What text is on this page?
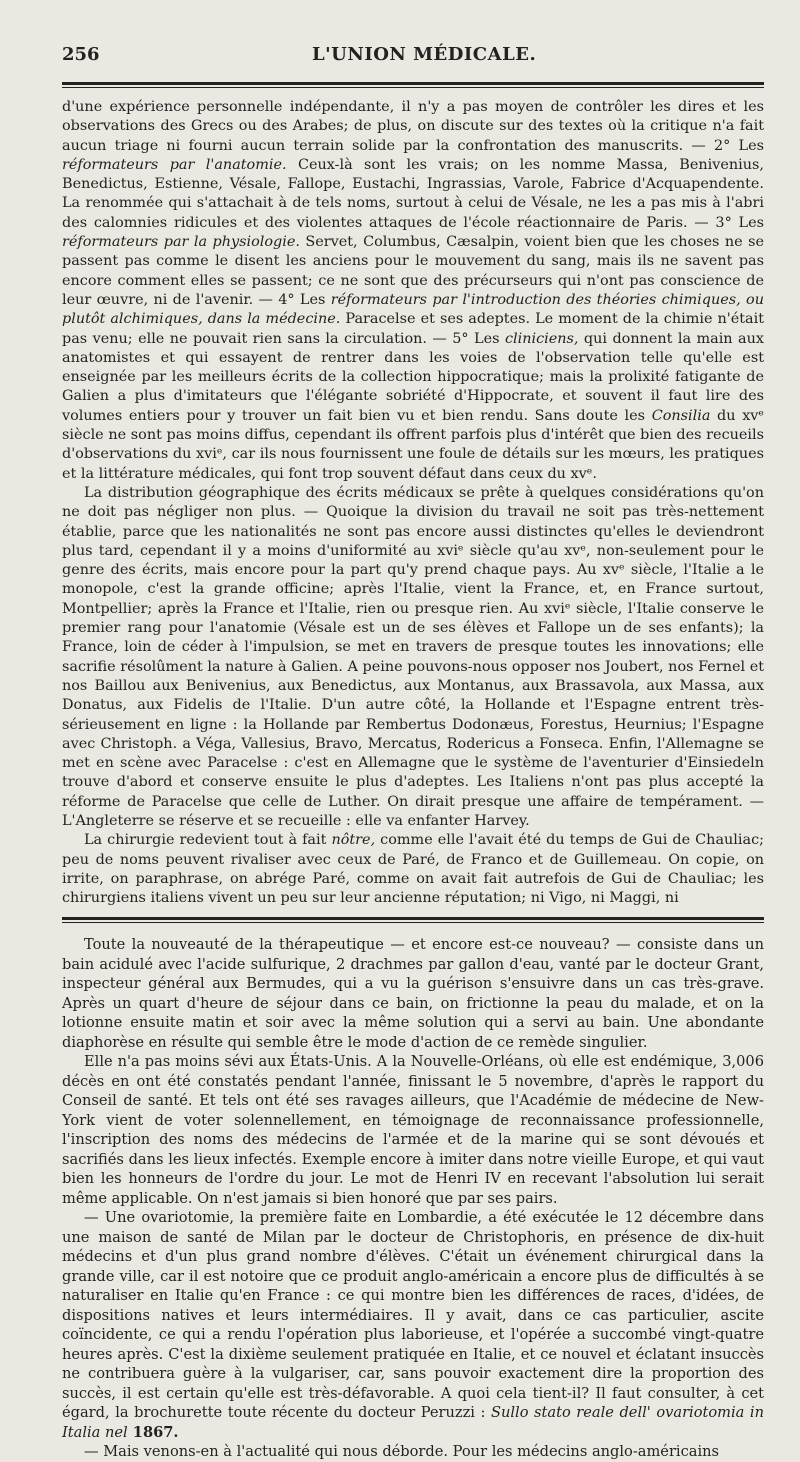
256	L'UNION MÉDICALE.

d'une expérience personnelle indépendante, il n'y a pas moyen de contrôler les dires et les observations des Grecs ou des Arabes; de plus, on discute sur des textes où la critique n'a fait aucun triage ni fourni aucun terrain solide par la confrontation des manuscrits. — 2° Les réformateurs par l'anatomie. Ceux-là sont les vrais; on les nomme Massa, Benivenius, Benedictus, Estienne, Vésale, Fallope, Eustachi, Ingrassias, Varole, Fabrice d'Acquapendente. La renommée qui s'attachait à de tels noms, surtout à celui de Vésale, ne les a pas mis à l'abri des calomnies ridicules et des violentes attaques de l'école réactionnaire de Paris. — 3° Les réformateurs par la physiologie. Servet, Columbus, Cæsalpin, voient bien que les choses ne se passent pas comme le disent les anciens pour le mouvement du sang, mais ils ne savent pas encore comment elles se passent; ce ne sont que des précurseurs qui n'ont pas conscience de leur œuvre, ni de l'avenir. — 4° Les réformateurs par l'introduction des théories chimiques, ou plutôt alchimiques, dans la médecine. Paracelse et ses adeptes. Le moment de la chimie n'était pas venu; elle ne pouvait rien sans la circulation. — 5° Les cliniciens, qui donnent la main aux anatomistes et qui essayent de rentrer dans les voies de l'observation telle qu'elle est enseignée par les meilleurs écrits de la collection hippocratique; mais la prolixité fatigante de Galien a plus d'imitateurs que l'élégante sobriété d'Hippocrate, et souvent il faut lire des volumes entiers pour y trouver un fait bien vu et bien rendu. Sans doute les Consilia du xvᵉ siècle ne sont pas moins diffus, cependant ils offrent parfois plus d'intérêt que bien des recueils d'observations du xviᵉ, car ils nous fournissent une foule de détails sur les mœurs, les pratiques et la littérature médicales, qui font trop souvent défaut dans ceux du xvᵉ.

La distribution géographique des écrits médicaux se prête à quelques considérations qu'on ne doit pas négliger non plus. — Quoique la division du travail ne soit pas très-nettement établie, parce que les nationalités ne sont pas encore aussi distinctes qu'elles le deviendront plus tard, cependant il y a moins d'uniformité au xviᵉ siècle qu'au xvᵉ, non-seulement pour le genre des écrits, mais encore pour la part qu'y prend chaque pays. Au xvᵉ siècle, l'Italie a le monopole, c'est la grande officine; après l'Italie, vient la France, et, en France surtout, Montpellier; après la France et l'Italie, rien ou presque rien. Au xviᵉ siècle, l'Italie conserve le premier rang pour l'anatomie (Vésale est un de ses élèves et Fallope un de ses enfants); la France, loin de céder à l'impulsion, se met en travers de presque toutes les innovations; elle sacrifie résolûment la nature à Galien. A peine pouvons-nous opposer nos Joubert, nos Fernel et nos Baillou aux Benivenius, aux Benedictus, aux Montanus, aux Brassavola, aux Massa, aux Donatus, aux Fidelis de l'Italie. D'un autre côté, la Hollande et l'Espagne entrent très-sérieusement en ligne : la Hollande par Rembertus Dodonæus, Forestus, Heurnius; l'Espagne avec Christoph. a Véga, Vallesius, Bravo, Mercatus, Rodericus a Fonseca. Enfin, l'Allemagne se met en scène avec Paracelse : c'est en Allemagne que le système de l'aventurier d'Einsiedeln trouve d'abord et conserve ensuite le plus d'adeptes. Les Italiens n'ont pas plus accepté la réforme de Paracelse que celle de Luther. On dirait presque une affaire de tempérament. — L'Angleterre se réserve et se recueille : elle va enfanter Harvey.

La chirurgie redevient tout à fait nôtre, comme elle l'avait été du temps de Gui de Chauliac; peu de noms peuvent rivaliser avec ceux de Paré, de Franco et de Guillemeau. On copie, on irrite, on paraphrase, on abrége Paré, comme on avait fait autrefois de Gui de Chauliac; les chirurgiens italiens vivent un peu sur leur ancienne réputation; ni Vigo, ni Maggi, ni

Toute la nouveauté de la thérapeutique — et encore est-ce nouveau? — consiste dans un bain acidulé avec l'acide sulfurique, 2 drachmes par gallon d'eau, vanté par le docteur Grant, inspecteur général aux Bermudes, qui a vu la guérison s'ensuivre dans un cas très-grave. Après un quart d'heure de séjour dans ce bain, on frictionne la peau du malade, et on la lotionne ensuite matin et soir avec la même solution qui a servi au bain. Une abondante diaphorèse en résulte qui semble être le mode d'action de ce remède singulier.

Elle n'a pas moins sévi aux États-Unis. A la Nouvelle-Orléans, où elle est endémique, 3,006 décès en ont été constatés pendant l'année, finissant le 5 novembre, d'après le rapport du Conseil de santé. Et tels ont été ses ravages ailleurs, que l'Académie de médecine de New-York vient de voter solennellement, en témoignage de reconnaissance professionnelle, l'inscription des noms des médecins de l'armée et de la marine qui se sont dévoués et sacrifiés dans les lieux infectés. Exemple encore à imiter dans notre vieille Europe, et qui vaut bien les honneurs de l'ordre du jour. Le mot de Henri IV en recevant l'absolution lui serait même applicable. On n'est jamais si bien honoré que par ses pairs.

— Une ovariotomie, la première faite en Lombardie, a été exécutée le 12 décembre dans une maison de santé de Milan par le docteur de Christophoris, en présence de dix-huit médecins et d'un plus grand nombre d'élèves. C'était un événement chirurgical dans la grande ville, car il est notoire que ce produit anglo-américain a encore plus de difficultés à se naturaliser en Italie qu'en France : ce qui montre bien les différences de races, d'idées, de dispositions natives et leurs intermédiaires. Il y avait, dans ce cas particulier, ascite coïncidente, ce qui a rendu l'opération plus laborieuse, et l'opérée a succombé vingt-quatre heures après. C'est la dixième seulement pratiquée en Italie, et ce nouvel et éclatant insuccès ne contribuera guère à la vulgariser, car, sans pouvoir exactement dire la proportion des succès, il est certain qu'elle est très-défavorable. A quoi cela tient-il? Il faut consulter, à cet égard, la brochurette toute récente du docteur Peruzzi : Sullo stato reale dell' ovariotomia in Italia nel 1867.

— Mais venons-en à l'actualité qui nous déborde. Pour les médecins anglo-américains
